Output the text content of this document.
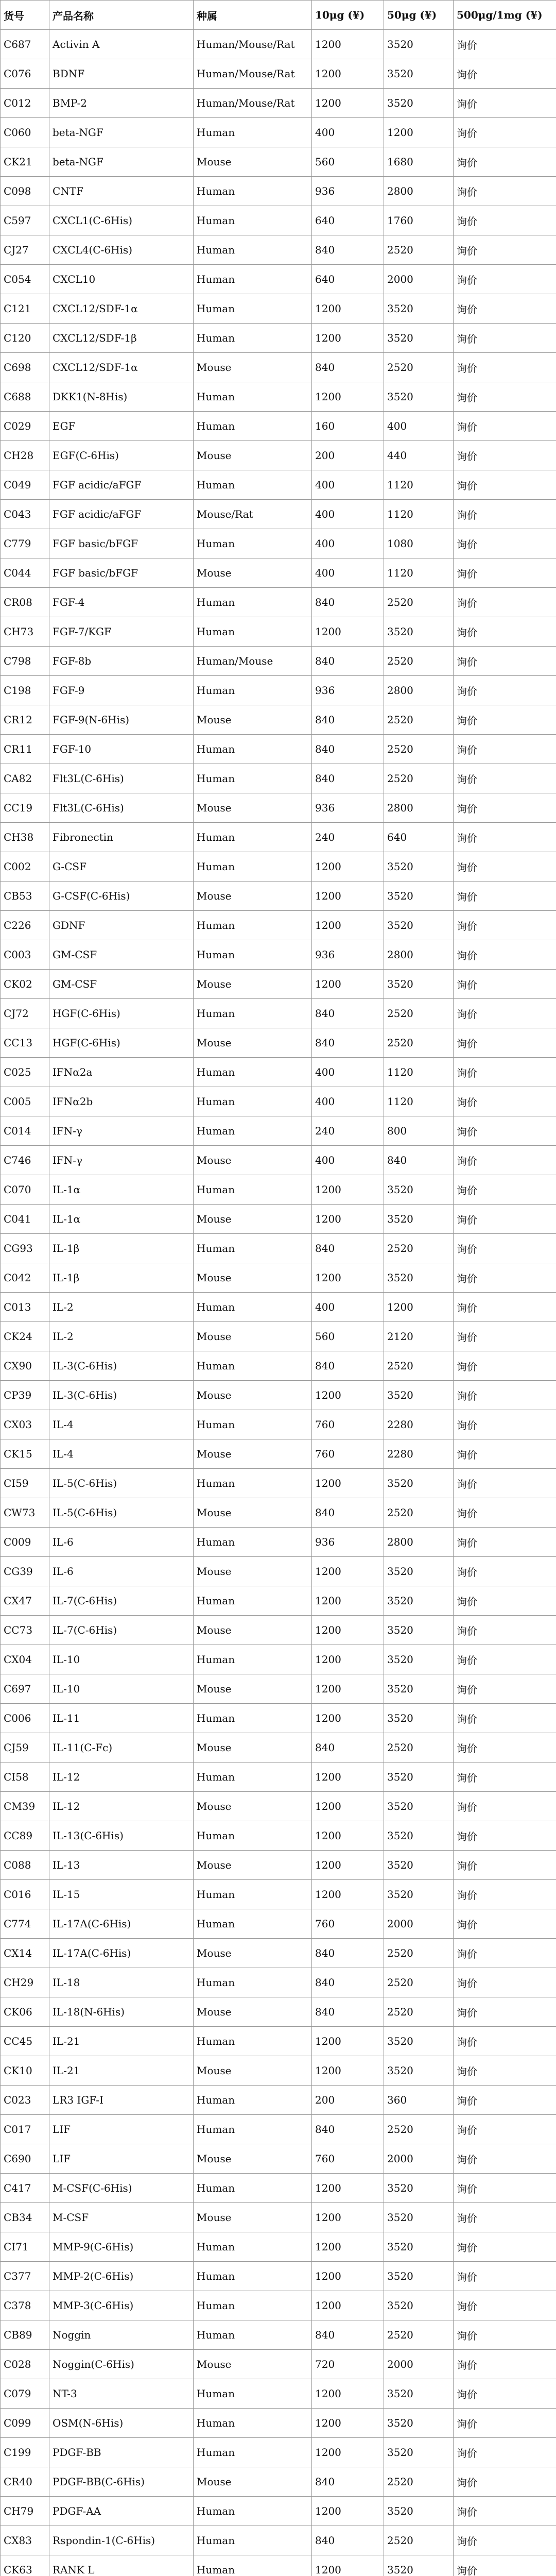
货号	产品名称	种属	10μg (¥)	50μg (¥)	500μg/1mg (¥)
C687	Activin A	Human/Mouse/Rat	1200	3520	询价
C076	BDNF	Human/Mouse/Rat	1200	3520	询价
C012	BMP-2	Human/Mouse/Rat	1200	3520	询价
C060	beta-NGF	Human	400	1200	询价
CK21	beta-NGF	Mouse	560	1680	询价
C098	CNTF	Human	936	2800	询价
C597	CXCL1(C-6His)	Human	640	1760	询价
CJ27	CXCL4(C-6His)	Human	840	2520	询价
C054	CXCL10	Human	640	2000	询价
C121	CXCL12/SDF-1α	Human	1200	3520	询价
C120	CXCL12/SDF-1β	Human	1200	3520	询价
C698	CXCL12/SDF-1α	Mouse	840	2520	询价
C688	DKK1(N-8His)	Human	1200	3520	询价
C029	EGF	Human	160	400	询价
CH28	EGF(C-6His)	Mouse	200	440	询价
C049	FGF acidic/aFGF	Human	400	1120	询价
C043	FGF acidic/aFGF	Mouse/Rat	400	1120	询价
C779	FGF basic/bFGF	Human	400	1080	询价
C044	FGF basic/bFGF	Mouse	400	1120	询价
CR08	FGF-4	Human	840	2520	询价
CH73	FGF-7/KGF	Human	1200	3520	询价
C798	FGF-8b	Human/Mouse	840	2520	询价
C198	FGF-9	Human	936	2800	询价
CR12	FGF-9(N-6His)	Mouse	840	2520	询价
CR11	FGF-10	Human	840	2520	询价
CA82	Flt3L(C-6His)	Human	840	2520	询价
CC19	Flt3L(C-6His)	Mouse	936	2800	询价
CH38	Fibronectin	Human	240	640	询价
C002	G-CSF	Human	1200	3520	询价
CB53	G-CSF(C-6His)	Mouse	1200	3520	询价
C226	GDNF	Human	1200	3520	询价
C003	GM-CSF	Human	936	2800	询价
CK02	GM-CSF	Mouse	1200	3520	询价
CJ72	HGF(C-6His)	Human	840	2520	询价
CC13	HGF(C-6His)	Mouse	840	2520	询价
C025	IFNα2a	Human	400	1120	询价
C005	IFNα2b	Human	400	1120	询价
C014	IFN-γ	Human	240	800	询价
C746	IFN-γ	Mouse	400	840	询价
C070	IL-1α	Human	1200	3520	询价
C041	IL-1α	Mouse	1200	3520	询价
CG93	IL-1β	Human	840	2520	询价
C042	IL-1β	Mouse	1200	3520	询价
C013	IL-2	Human	400	1200	询价
CK24	IL-2	Mouse	560	2120	询价
CX90	IL-3(C-6His)	Human	840	2520	询价
CP39	IL-3(C-6His)	Mouse	1200	3520	询价
CX03	IL-4	Human	760	2280	询价
CK15	IL-4	Mouse	760	2280	询价
CI59	IL-5(C-6His)	Human	1200	3520	询价
CW73	IL-5(C-6His)	Mouse	840	2520	询价
C009	IL-6	Human	936	2800	询价
CG39	IL-6	Mouse	1200	3520	询价
CX47	IL-7(C-6His)	Human	1200	3520	询价
CC73	IL-7(C-6His)	Mouse	1200	3520	询价
CX04	IL-10	Human	1200	3520	询价
C697	IL-10	Mouse	1200	3520	询价
C006	IL-11	Human	1200	3520	询价
CJ59	IL-11(C-Fc)	Mouse	840	2520	询价
CI58	IL-12	Human	1200	3520	询价
CM39	IL-12	Mouse	1200	3520	询价
CC89	IL-13(C-6His)	Human	1200	3520	询价
C088	IL-13	Mouse	1200	3520	询价
C016	IL-15	Human	1200	3520	询价
C774	IL-17A(C-6His)	Human	760	2000	询价
CX14	IL-17A(C-6His)	Mouse	840	2520	询价
CH29	IL-18	Human	840	2520	询价
CK06	IL-18(N-6His)	Mouse	840	2520	询价
CC45	IL-21	Human	1200	3520	询价
CK10	IL-21	Mouse	1200	3520	询价
C023	LR3 IGF-I	Human	200	360	询价
C017	LIF	Human	840	2520	询价
C690	LIF	Mouse	760	2000	询价
C417	M-CSF(C-6His)	Human	1200	3520	询价
CB34	M-CSF	Mouse	1200	3520	询价
CI71	MMP-9(C-6His)	Human	1200	3520	询价
C377	MMP-2(C-6His)	Human	1200	3520	询价
C378	MMP-3(C-6His)	Human	1200	3520	询价
CB89	Noggin	Human	840	2520	询价
C028	Noggin(C-6His)	Mouse	720	2000	询价
C079	NT-3	Human	1200	3520	询价
C099	OSM(N-6His)	Human	1200	3520	询价
C199	PDGF-BB	Human	1200	3520	询价
CR40	PDGF-BB(C-6His)	Mouse	840	2520	询价
CH79	PDGF-AA	Human	1200	3520	询价
CX83	Rspondin-1(C-6His)	Human	840	2520	询价
CK63	RANK L	Human	1200	3520	询价
